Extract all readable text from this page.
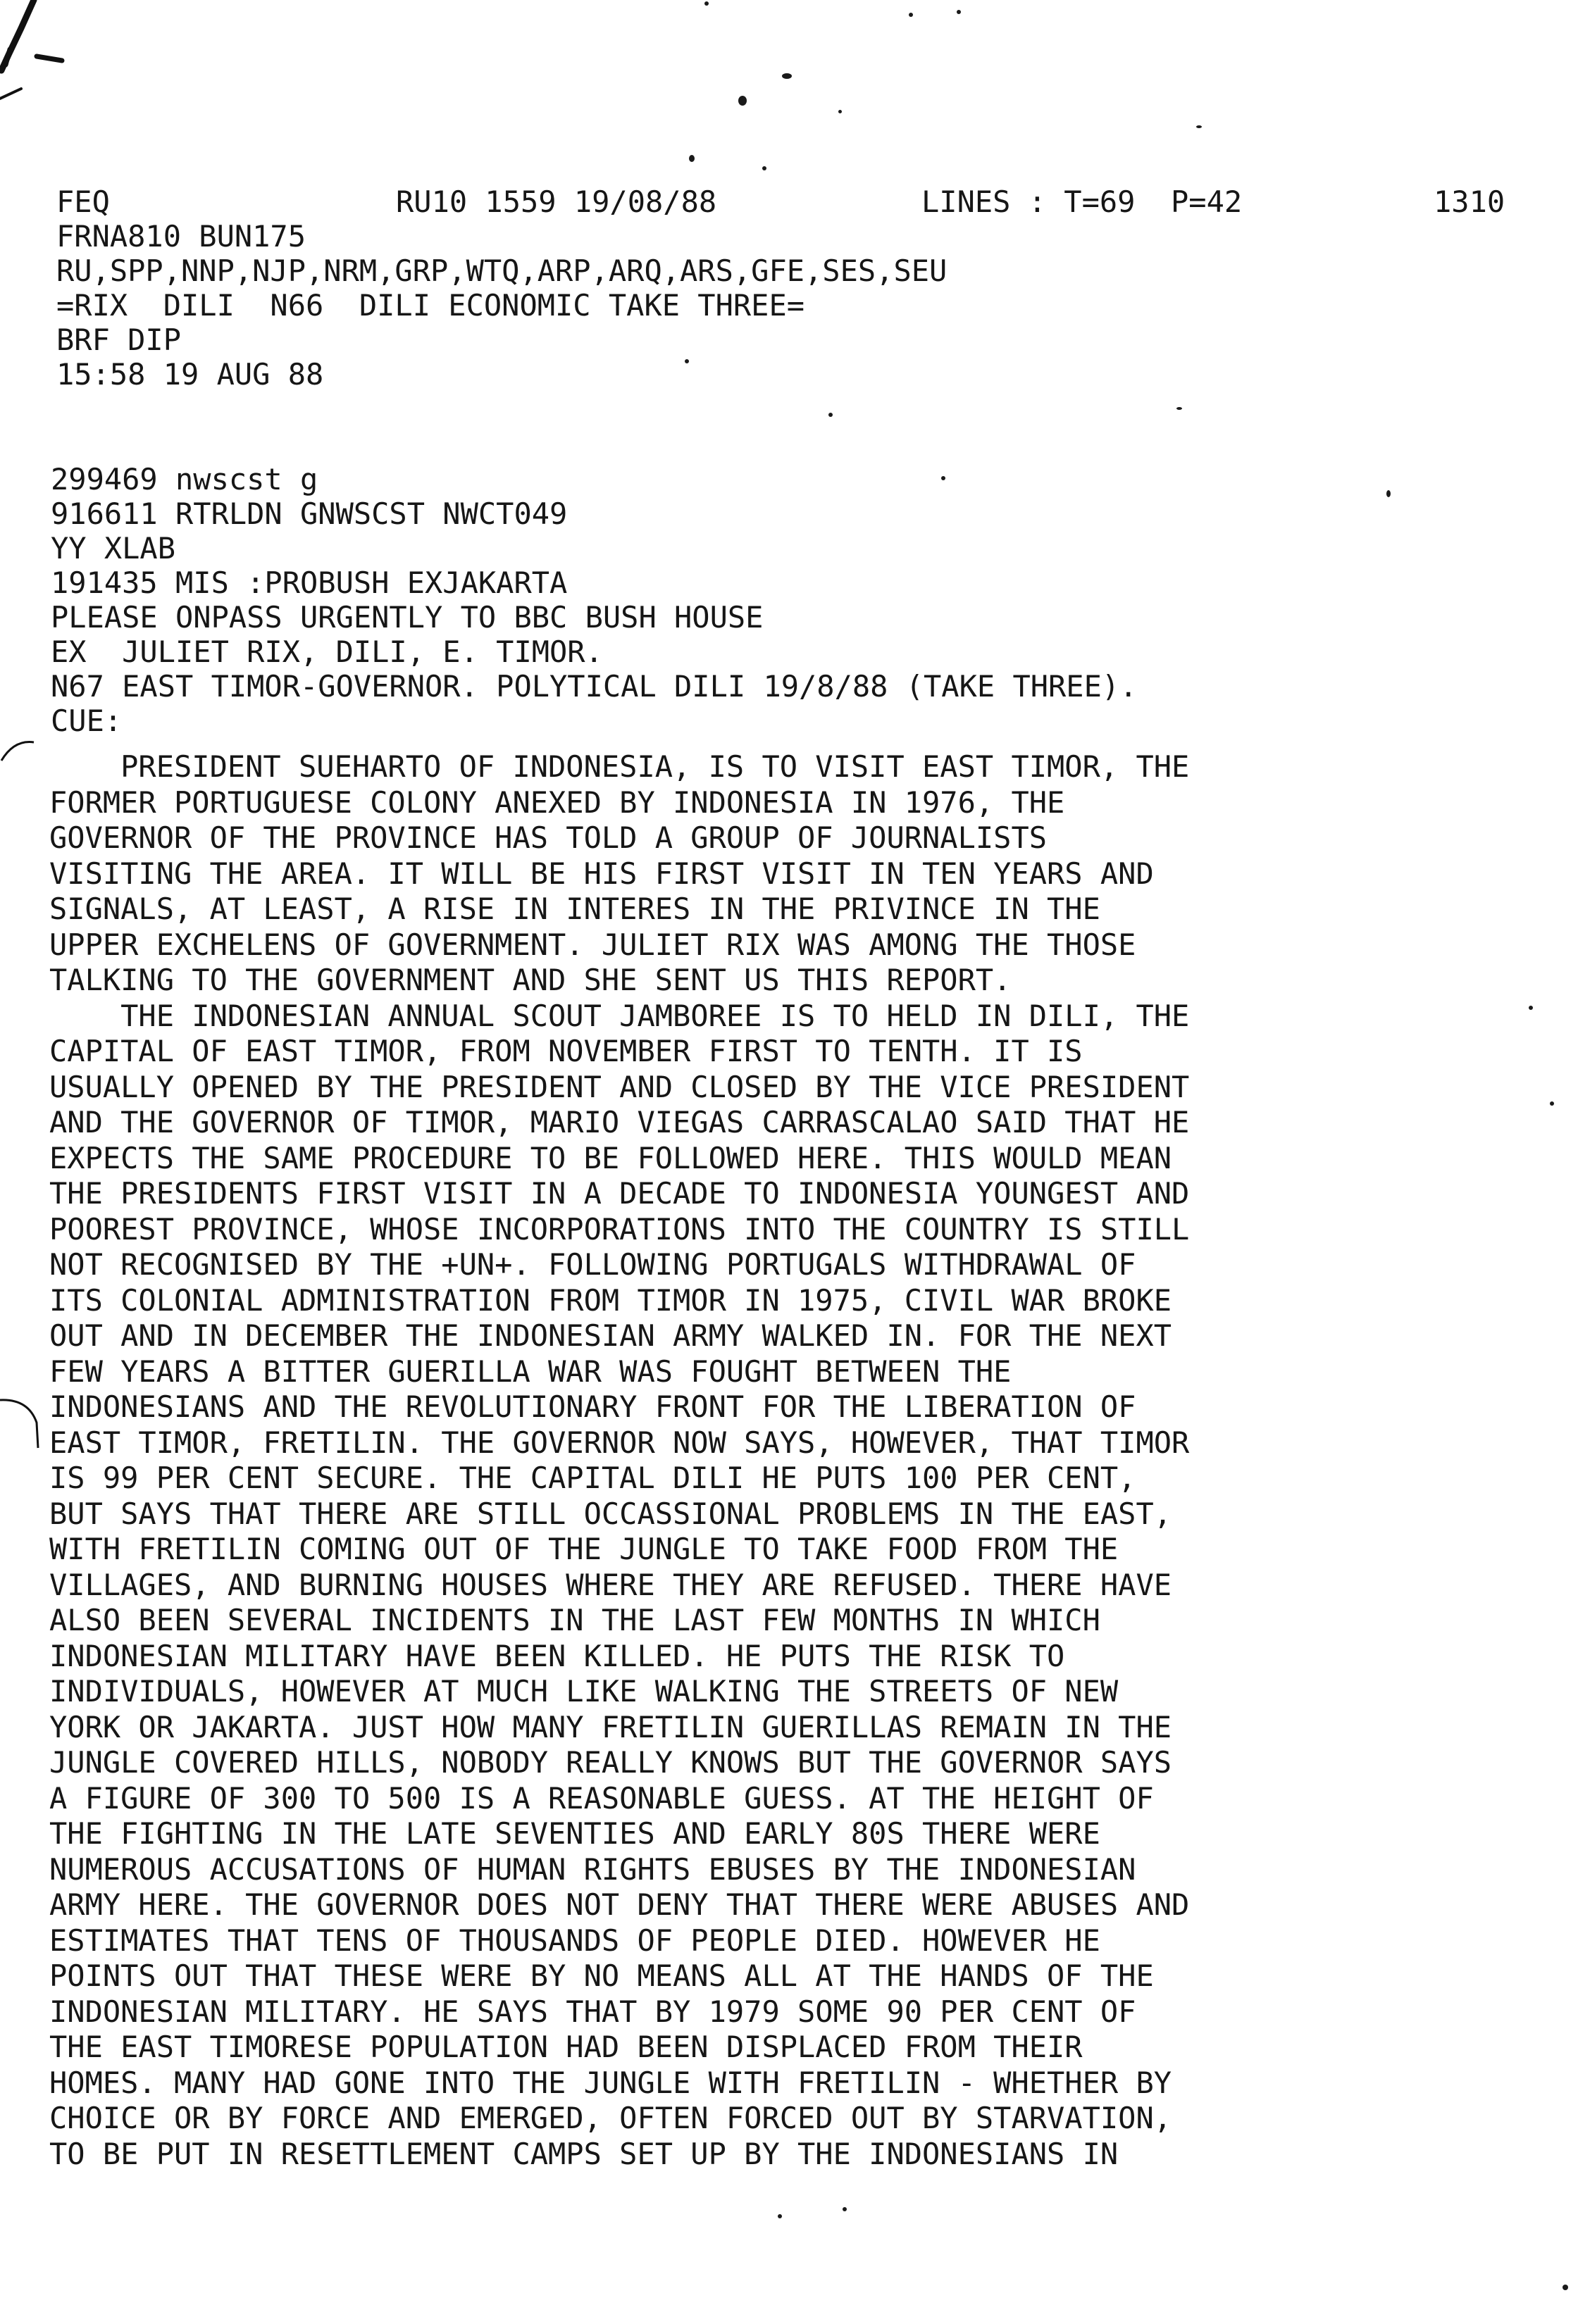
FEQ

	RU10 1559 19/08/88

	LINES : T=69  P=42

	1310

FRNA810 BUN175
RU,SPP,NNP,NJP,NRM,GRP,WTQ,ARP,ARQ,ARS,GFE,SES,SEU
=RIX  DILI  N66  DILI ECONOMIC TAKE THREE=
BRF DIP
15:58 19 AUG 88
299469 nwscst g
916611 RTRLDN GNWSCST NWCT049
YY XLAB
191435 MIS :PROBUSH EXJAKARTA
PLEASE ONPASS URGENTLY TO BBC BUSH HOUSE
EX  JULIET RIX, DILI, E. TIMOR.
N67 EAST TIMOR-GOVERNOR. POLYTICAL DILI 19/8/88 (TAKE THREE).
CUE:
PRESIDENT SUEHARTO OF INDONESIA, IS TO VISIT EAST TIMOR, THE
FORMER PORTUGUESE COLONY ANEXED BY INDONESIA IN 1976, THE
GOVERNOR OF THE PROVINCE HAS TOLD A GROUP OF JOURNALISTS
VISITING THE AREA. IT WILL BE HIS FIRST VISIT IN TEN YEARS AND
SIGNALS, AT LEAST, A RISE IN INTERES IN THE PRIVINCE IN THE
UPPER EXCHELENS OF GOVERNMENT. JULIET RIX WAS AMONG THE THOSE
TALKING TO THE GOVERNMENT AND SHE SENT US THIS REPORT.
THE INDONESIAN ANNUAL SCOUT JAMBOREE IS TO HELD IN DILI, THE
CAPITAL OF EAST TIMOR, FROM NOVEMBER FIRST TO TENTH. IT IS
USUALLY OPENED BY THE PRESIDENT AND CLOSED BY THE VICE PRESIDENT
AND THE GOVERNOR OF TIMOR, MARIO VIEGAS CARRASCALAO SAID THAT HE
EXPECTS THE SAME PROCEDURE TO BE FOLLOWED HERE. THIS WOULD MEAN
THE PRESIDENTS FIRST VISIT IN A DECADE TO INDONESIA YOUNGEST AND
POOREST PROVINCE, WHOSE INCORPORATIONS INTO THE COUNTRY IS STILL
NOT RECOGNISED BY THE +UN+. FOLLOWING PORTUGALS WITHDRAWAL OF
ITS COLONIAL ADMINISTRATION FROM TIMOR IN 1975, CIVIL WAR BROKE
OUT AND IN DECEMBER THE INDONESIAN ARMY WALKED IN. FOR THE NEXT
FEW YEARS A BITTER GUERILLA WAR WAS FOUGHT BETWEEN THE
INDONESIANS AND THE REVOLUTIONARY FRONT FOR THE LIBERATION OF
EAST TIMOR, FRETILIN. THE GOVERNOR NOW SAYS, HOWEVER, THAT TIMOR
IS 99 PER CENT SECURE. THE CAPITAL DILI HE PUTS 100 PER CENT,
BUT SAYS THAT THERE ARE STILL OCCASSIONAL PROBLEMS IN THE EAST,
WITH FRETILIN COMING OUT OF THE JUNGLE TO TAKE FOOD FROM THE
VILLAGES, AND BURNING HOUSES WHERE THEY ARE REFUSED. THERE HAVE
ALSO BEEN SEVERAL INCIDENTS IN THE LAST FEW MONTHS IN WHICH
INDONESIAN MILITARY HAVE BEEN KILLED. HE PUTS THE RISK TO
INDIVIDUALS, HOWEVER AT MUCH LIKE WALKING THE STREETS OF NEW
YORK OR JAKARTA. JUST HOW MANY FRETILIN GUERILLAS REMAIN IN THE
JUNGLE COVERED HILLS, NOBODY REALLY KNOWS BUT THE GOVERNOR SAYS
A FIGURE OF 300 TO 500 IS A REASONABLE GUESS. AT THE HEIGHT OF
THE FIGHTING IN THE LATE SEVENTIES AND EARLY 80S THERE WERE
NUMEROUS ACCUSATIONS OF HUMAN RIGHTS EBUSES BY THE INDONESIAN
ARMY HERE. THE GOVERNOR DOES NOT DENY THAT THERE WERE ABUSES AND
ESTIMATES THAT TENS OF THOUSANDS OF PEOPLE DIED. HOWEVER HE
POINTS OUT THAT THESE WERE BY NO MEANS ALL AT THE HANDS OF THE
INDONESIAN MILITARY. HE SAYS THAT BY 1979 SOME 90 PER CENT OF
THE EAST TIMORESE POPULATION HAD BEEN DISPLACED FROM THEIR
HOMES. MANY HAD GONE INTO THE JUNGLE WITH FRETILIN - WHETHER BY
CHOICE OR BY FORCE AND EMERGED, OFTEN FORCED OUT BY STARVATION,
TO BE PUT IN RESETTLEMENT CAMPS SET UP BY THE INDONESIANS IN
